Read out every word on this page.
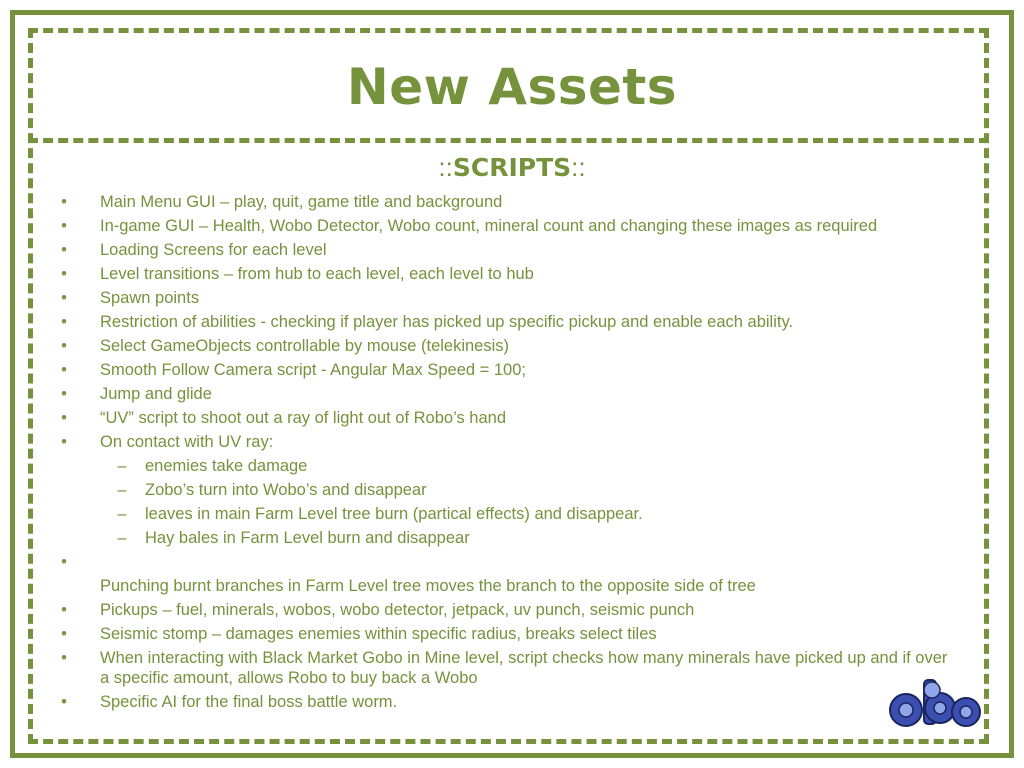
New Assets
::SCRIPTS::
• Main Menu GUI – play, quit, game title and background
• In-game GUI – Health, Wobo Detector, Wobo count, mineral count and changing these images as required
• Loading Screens for each level
• Level transitions – from hub to each level, each level to hub
• Spawn points
• Restriction of abilities - checking if player has picked up specific pickup and enable each ability.
• Select GameObjects controllable by mouse (telekinesis)
• Smooth Follow Camera script - Angular Max Speed = 100;
• Jump and glide
• “UV” script to shoot out a ray of light out of Robo’s hand
• On contact with UV ray:
– enemies take damage
– Zobo’s turn into Wobo’s and disappear
– leaves in main Farm Level tree burn (partical effects) and disappear.
– Hay bales in Farm Level burn and disappear
•
Punching burnt branches in Farm Level tree moves the branch to the opposite side of tree
• Pickups – fuel, minerals, wobos, wobo detector, jetpack, uv punch, seismic punch
• Seismic stomp – damages enemies within specific radius, breaks select tiles
• When interacting with Black Market Gobo in Mine level, script checks how many minerals have picked up and if over a specific amount, allows Robo to buy back a Wobo
• Specific AI for the final boss battle worm.
